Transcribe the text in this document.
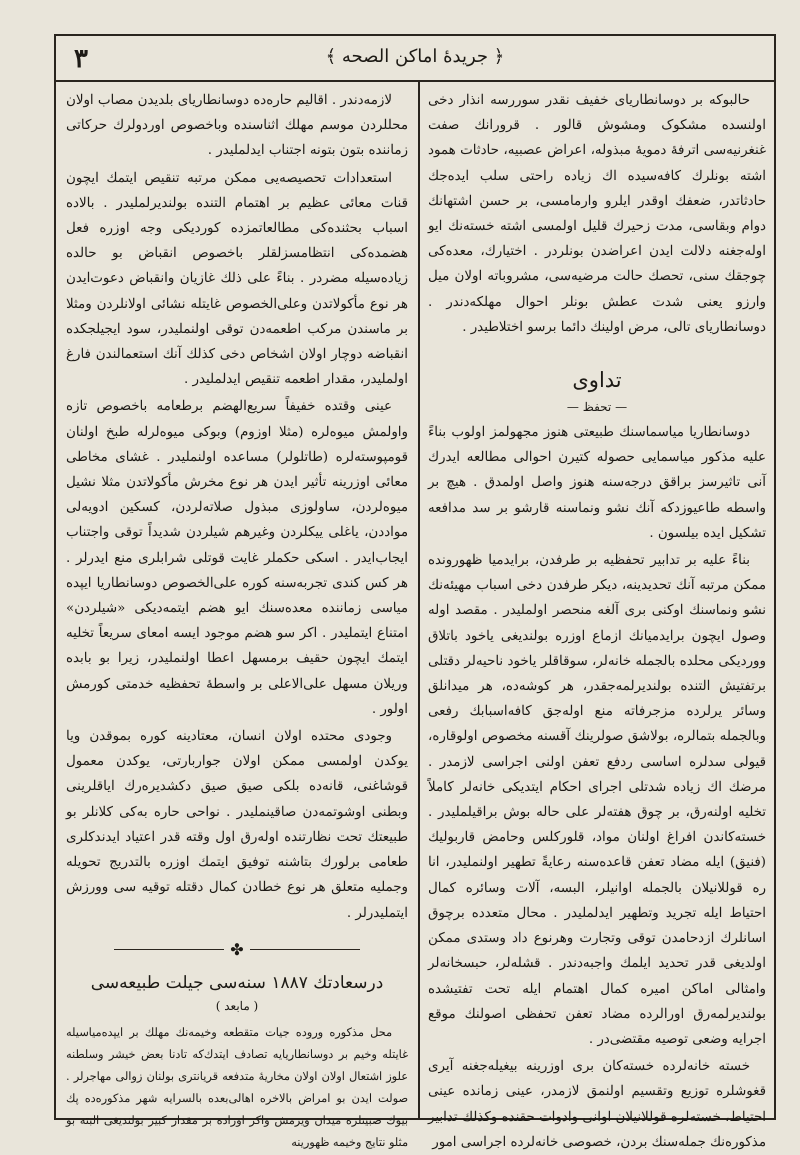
٣	﴿ جریدهٔ اماكن الصحه ﴾

حالبوکه بر دوسانطاریای خفیف نقدر سوررسه انذار دخی اولنسده مشکوک ومشوش قالور . قرورانك صفت غنغرنیه‌سی اترفهٔ دمویهٔ مبذوله، اعراض عصبیه، حادثات همود اشته بونلرك کافه‌سیده اك زیاده راحتی سلب ایده‌جك حادثاتدر، ضعفك اوقدر ایلرو وارمامسی، بر حسن اشتهانك دوام وبقاسی، مدت زحیرك قلیل اولمسی اشته خسته‌نك ایو اوله‌جغنه دلالت ایدن اعراضدن بونلردر . اختیارك، معده‌كی چوجقك سنی، تحصك حالت مرضیه‌سی، مشروباته اولان میل وارزو یعنی شدت عطش بونلر احوال مهلكه‌دندر . دوسانطاریای تالی، مرض اولینك دائما برسو اختلاطیدر .

تداوی
— تحفظ —

دوسانطاریا میاسماسنك طبیعتی هنوز مجهولمز اولوب بناءً علیه مذكور میاسمایی حصوله كتیرن احوالی مطالعه ایدرك آنی تاثیرسز براقق درجه‌سنه هنوز واصل اولمدق . هیچ بر واسطه طاعیوزدكه آنك نشو ونماسنه قارشو بر سد مدافعه تشكیل ایده بیلسون .

بناءً علیه بر تدابیر تحفظیه بر طرفدن، برایدمیا ظهورونده ممكن مرتبه آنك تحدیدینه، دیكر طرفدن دخی اسباب مهیئه‌نك نشو ونماسنك اوكنی برى آلغه منحصر اولملیدر . مقصد اوله وصول ایچون برایدمیانك ازماع اوزره بولندیغی یاخود باتلاق ووردیكی محلده بالجمله خانه‌لر، سوقاقلر یاخود ناحیه‌لر دقتلی برتفتیش التنده بولندیرلمه‌جقدر، هر كوشه‌ده، هر میدانلق وسائر یرلرده مزجرفاته منع اوله‌جق كافه‌اسبابك رفعی وبالجمله بتمالره، بولاشق صولرینك آقسنه مخصوص اولوقاره، قیولی سدلره اساسی ردفع تعفن اولنی اجراسی لازمدر . مرضك اك زیاده شدتلی اجرای احكام ایتدیكی خانه‌لر كاملاً تخلیه اولنه‌رق، بر چوق هفته‌لر علی حاله بوش براقیلملیدر . خسته‌كاندن افراغ اولنان مواد، قلورکلس وحامض قاربولیك (فنیق) ایله مضاد تعفن قاعده‌سنه رعایةً تطهیر اولنملیدر، انا ره قوللانیلان بالجمله اوانیلر، البسه، آلات وسائره كمال احتیاط ایله تجرید وتطهیر ایدلملیدر . محال متعدده برچوق اسانلرك ازدحامدن توقی وتجارت وهرنوع داد وستدی ممكن اولدیغی قدر تحدید ایلمك واجبه‌دندر . قشله‌لر، حبسخانه‌لر وامثالی اماكن امیره كمال اهتمام ایله تحت تفتیشده بولندیرلمه‌رق اورالرده مضاد تعفن تحفظی اصولنك موقع اجرایه وضعی توصیه مقتضی‌در .

خسته خانه‌لرده خسته‌كان برى اوزرینه بیغیله‌جغنه آیری قغوشلره توزیع وتقسیم اولنمق لازمدر، عینی زمانده عینی احتیاط، خسته‌لره قوللانیلان اوانی وادوات حقنده وكذلك تدابیر مذكوره‌نك جمله‌سنك بردن، خصوصی خانه‌لرده اجراسی امور

لازمه‌دندر . اقالیم حاره‌ده دوسانطاریای بلدیدن مصاب اولان محللردن موسم مهلك اثناسنده وباخصوص اوردولرك حركاتی زماننده بتون بتونه اجتناب ایدلملیدر .

استعدادات تحصیصه‌یی ممكن مرتبه تنقیص ایتمك ایچون قنات معائی عظیم بر اهتمام التنده بولندیرلملیدر . بالاده اسباب بحثنده‌كی مطالعاتمزده كوردیكی وجه اوزره فعل هضمده‌كی انتظامسزلقلر باخصوص انقباض بو حالده زیاده‌سیله مضردر . بناءً علی ذلك غازیان وانقباض دعوت‌ایدن هر نوع مأكولاتدن وعلی‌الخصوص غایتله نشائی اولانلردن ومثلا بر ماسندن مركب اطعمه‌دن توقی اولنملیدر، سود ایجیلجكده انقباضه دوچار اولان اشخاص دخی كذلك آنك استعمالندن فارغ اولملیدر، مقدار اطعمه تنقیص ایدلملیدر .

عینی وقتده خفیفاً سریع‌الهضم برطعامه باخصوص تازه واولمش میوه‌لره (مثلا اوزوم) وبوكی میوه‌لرله طبخ اولنان قومپوسته‌لره (طاتلولر) مساعده اولنملیدر . غشای مخاطی معائی اوزرینه تأثیر ایدن هر نوع مخرش مأكولاتدن مثلا نشیل میوه‌لردن، ساولوزی مبذول صلاته‌لردن، كسكین ادویه‌لی مواددن، یاغلی ییكلردن وغیرهم شیلردن شدیداً توقی واجتناب ایجاب‌ایدر . اسكی حكملر غایت قوتلی شرابلری منع ایدرلر . هر كس كندی تجربه‌سنه كوره علی‌الخصوص دوسانطاریا ایپده میاسی زماننده معده‌سنك ایو هضم ایتمه‌دیكی «شیلردن» امتناع ایتملیدر . اكر سو هضم موجود ایسه امعای سریعاً تخلیه ایتمك ایچون حقیف برمسهل اعطا اولنملیدر، زیرا بو بابده وریلان مسهل علی‌الاعلی بر واسطهٔ تحفظیه خدمتی كورمش اولور .

وجودی محتده اولان انسان، معتادینه كوره بموقدن ویا یوكدن اولمسی ممكن اولان جواربارتی، یوكدن معمول قوشاغنی، قانه‌ده بلكی صیق صیق دكشدیره‌رك اياقلرینی وبطنی اوشوتمه‌دن صاقینملیدر . نواحی حاره به‌كی كلانلر بو طبیعتك تحت نظارتنده اوله‌رق اول وقته قدر اعتیاد ایدندكلری طعامی برلورك بتاشنه توفیق ایتمك اوزره بالتدریج تحویله وجملیه متعلق هر نوع خطادن كمال دقتله توقیه سی وورزش ایتملیدرلر .

✤
درسعادتك ١٨٨٧ سنه‌سی جیلت طبیعه‌سی
( مابعد )

محل مذكوره وروده جیات متقطعه وخیمه‌نك مهلك بر ایپده‌میاسیله غایتله وخیم بر دوسانطاریایه تصادف ایتدك‌كه تادنا بعض خیشر وسلطنه علوز اشتعال اولان اولان مخاریهٔ متدفعه قریانتری بولنان زوالی مهاجرلر . صولت ایدن بو امراض بالاخره اهالی‌بعده بالسرایه شهر مذكوره‌ده پك بیوك صبیتلره میدان ویرمش واكر اوراده بر مقدار كبیر بولندیغی البته بو مثلو نتایج وخیمه ظهورینه
